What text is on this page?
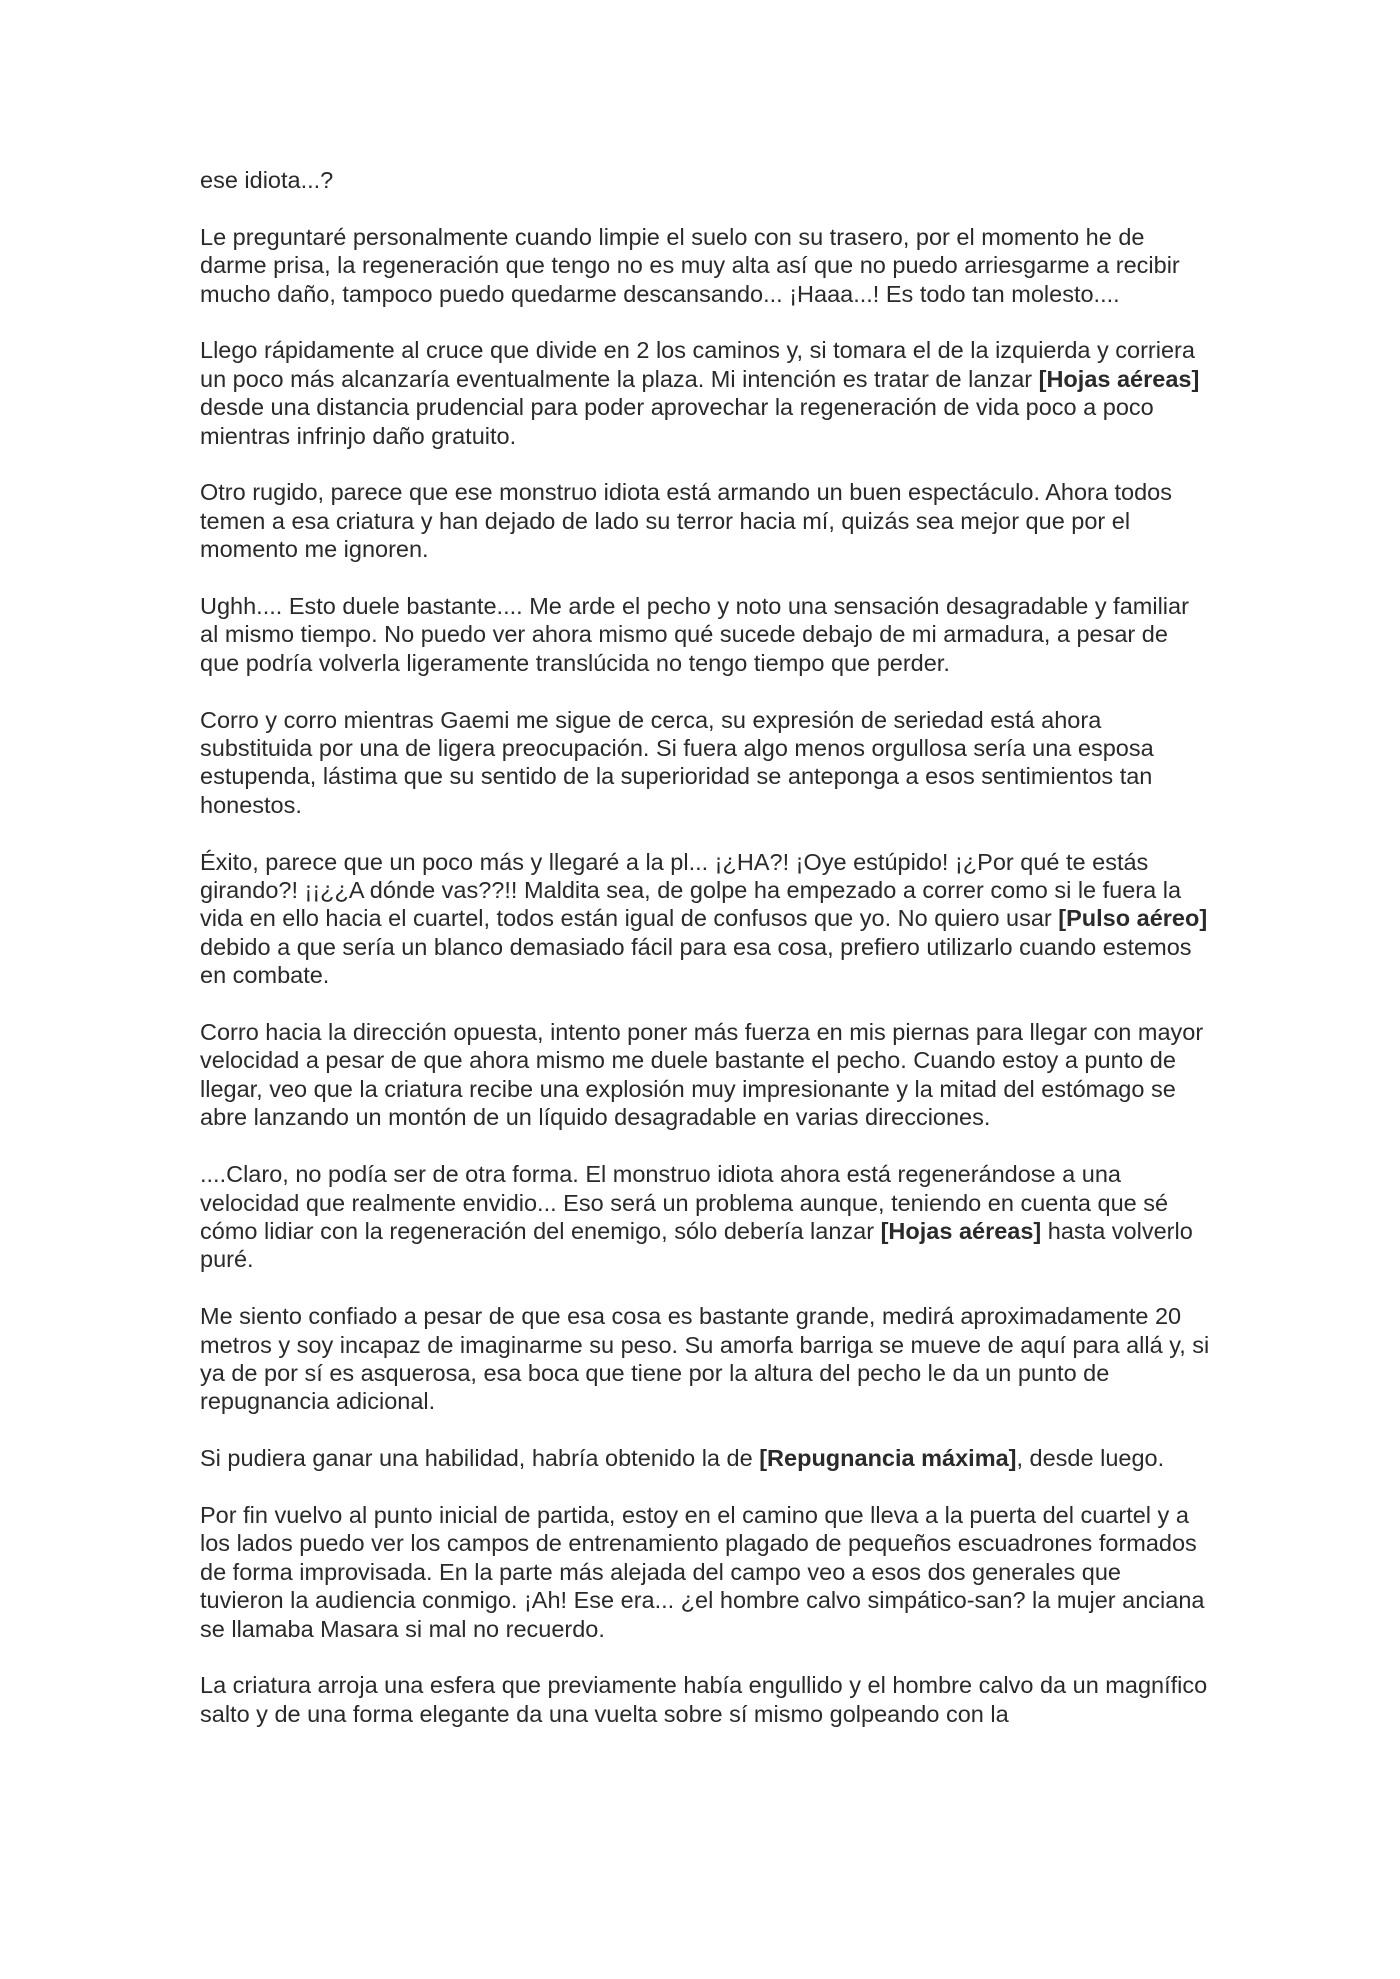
ese idiota...?

Le preguntaré personalmente cuando limpie el suelo con su trasero, por el momento he de darme prisa, la regeneración que tengo no es muy alta así que no puedo arriesgarme a recibir mucho daño, tampoco puedo quedarme descansando... ¡Haaa...! Es todo tan molesto....

Llego rápidamente al cruce que divide en 2 los caminos y, si tomara el de la izquierda y corriera un poco más alcanzaría eventualmente la plaza. Mi intención es tratar de lanzar [Hojas aéreas] desde una distancia prudencial para poder aprovechar la regeneración de vida poco a poco mientras infrinjo daño gratuito.

Otro rugido, parece que ese monstruo idiota está armando un buen espectáculo. Ahora todos temen a esa criatura y han dejado de lado su terror hacia mí, quizás sea mejor que por el momento me ignoren.

Ughh.... Esto duele bastante.... Me arde el pecho y noto una sensación desagradable y familiar al mismo tiempo. No puedo ver ahora mismo qué sucede debajo de mi armadura, a pesar de que podría volverla ligeramente translúcida no tengo tiempo que perder.

Corro y corro mientras Gaemi me sigue de cerca, su expresión de seriedad está ahora substituida por una de ligera preocupación. Si fuera algo menos orgullosa sería una esposa estupenda, lástima que su sentido de la superioridad se anteponga a esos sentimientos tan honestos.

Éxito, parece que un poco más y llegaré a la pl... ¡¿HA?! ¡Oye estúpido! ¡¿Por qué te estás girando?! ¡¡¿¿A dónde vas??!! Maldita sea, de golpe ha empezado a correr como si le fuera la vida en ello hacia el cuartel, todos están igual de confusos que yo. No quiero usar [Pulso aéreo] debido a que sería un blanco demasiado fácil para esa cosa, prefiero utilizarlo cuando estemos en combate.

Corro hacia la dirección opuesta, intento poner más fuerza en mis piernas para llegar con mayor velocidad a pesar de que ahora mismo me duele bastante el pecho. Cuando estoy a punto de llegar, veo que la criatura recibe una explosión muy impresionante y la mitad del estómago se abre lanzando un montón de un líquido desagradable en varias direcciones.

....Claro, no podía ser de otra forma. El monstruo idiota ahora está regenerándose a una velocidad que realmente envidio... Eso será un problema aunque, teniendo en cuenta que sé cómo lidiar con la regeneración del enemigo, sólo debería lanzar [Hojas aéreas] hasta volverlo puré.

Me siento confiado a pesar de que esa cosa es bastante grande, medirá aproximadamente 20 metros y soy incapaz de imaginarme su peso. Su amorfa barriga se mueve de aquí para allá y, si ya de por sí es asquerosa, esa boca que tiene por la altura del pecho le da un punto de repugnancia adicional.

Si pudiera ganar una habilidad, habría obtenido la de [Repugnancia máxima], desde luego.

Por fin vuelvo al punto inicial de partida, estoy en el camino que lleva a la puerta del cuartel y a los lados puedo ver los campos de entrenamiento plagado de pequeños escuadrones formados de forma improvisada. En la parte más alejada del campo veo a esos dos generales que tuvieron la audiencia conmigo. ¡Ah! Ese era... ¿el hombre calvo simpático-san? la mujer anciana se llamaba Masara si mal no recuerdo.

La criatura arroja una esfera que previamente había engullido y el hombre calvo da un magnífico salto y de una forma elegante da una vuelta sobre sí mismo golpeando con la
